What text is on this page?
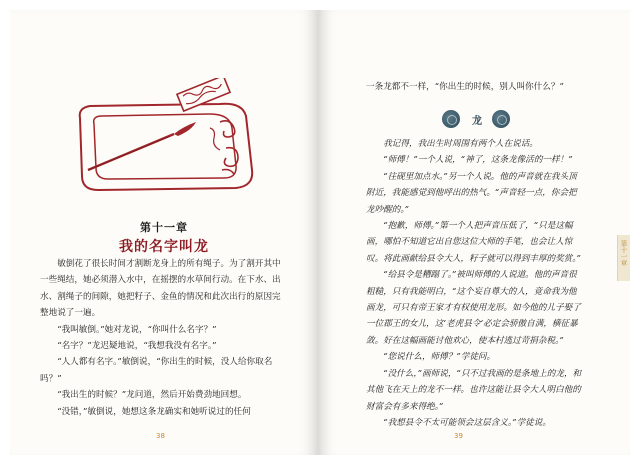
第十一章
我的名字叫龙

敏倒花了很长时间才割断龙身上的所有绳子。为了割开其中一些绳结，她必须潜入水中，在摇摆的水草间行动。在下水、出水、割绳子的间隙，她把籽子、金鱼的情况和此次出行的原因完整地说了一遍。

“我叫敏倒。”她对龙说，“你叫什么名字？”

“名字？”龙迟疑地说，“我想我没有名字。”

“人人都有名字。”敏倒说，“你出生的时候，没人给你取名吗？”

“我出生的时候？”龙问道，然后开始费劲地回想。

“没错，”敏倒说，她想这条龙确实和她听说过的任何

38
一条龙都不一样，“你出生的时候，别人叫你什么？”
龙

我记得，我出生时周围有两个人在说话。

“师傅！”一个人说，“神了，这条龙像活的一样！”

“往砚里加点水。”另一个人说。他的声音就在我头顶附近，我能感觉到他呼出的热气。“声音轻一点，你会把龙吵醒的。”

“抱歉，师傅。”第一个人把声音压低了，“只是这幅画，哪怕不知道它出自您这位大师的手笔，也会让人惊叹。将此画献给县令大人，籽子就可以得到丰厚的奖赏。”

“给县令是糟蹋了。”被叫师傅的人说道。他的声音很粗糙，只有我能明白，“这个妄自尊大的人，竟命我为他画龙，可只有帝王家才有权使用龙形。如今他的儿子娶了一位郡王的女儿，这‘老虎县令’必定会骄傲自满，横征暴敛。好在这幅画能讨他欢心，使本村逃过苛捐杂税。”

“您说什么，师傅？”学徒问。

“没什么，”画师说，“只不过我画的是条地上的龙，和其他飞在天上的龙不一样。也许这能让县令大人明白他的财富会有多来得绝。”

“我想县令不太可能领会这层含义。”学徒说。

第十一章
39
